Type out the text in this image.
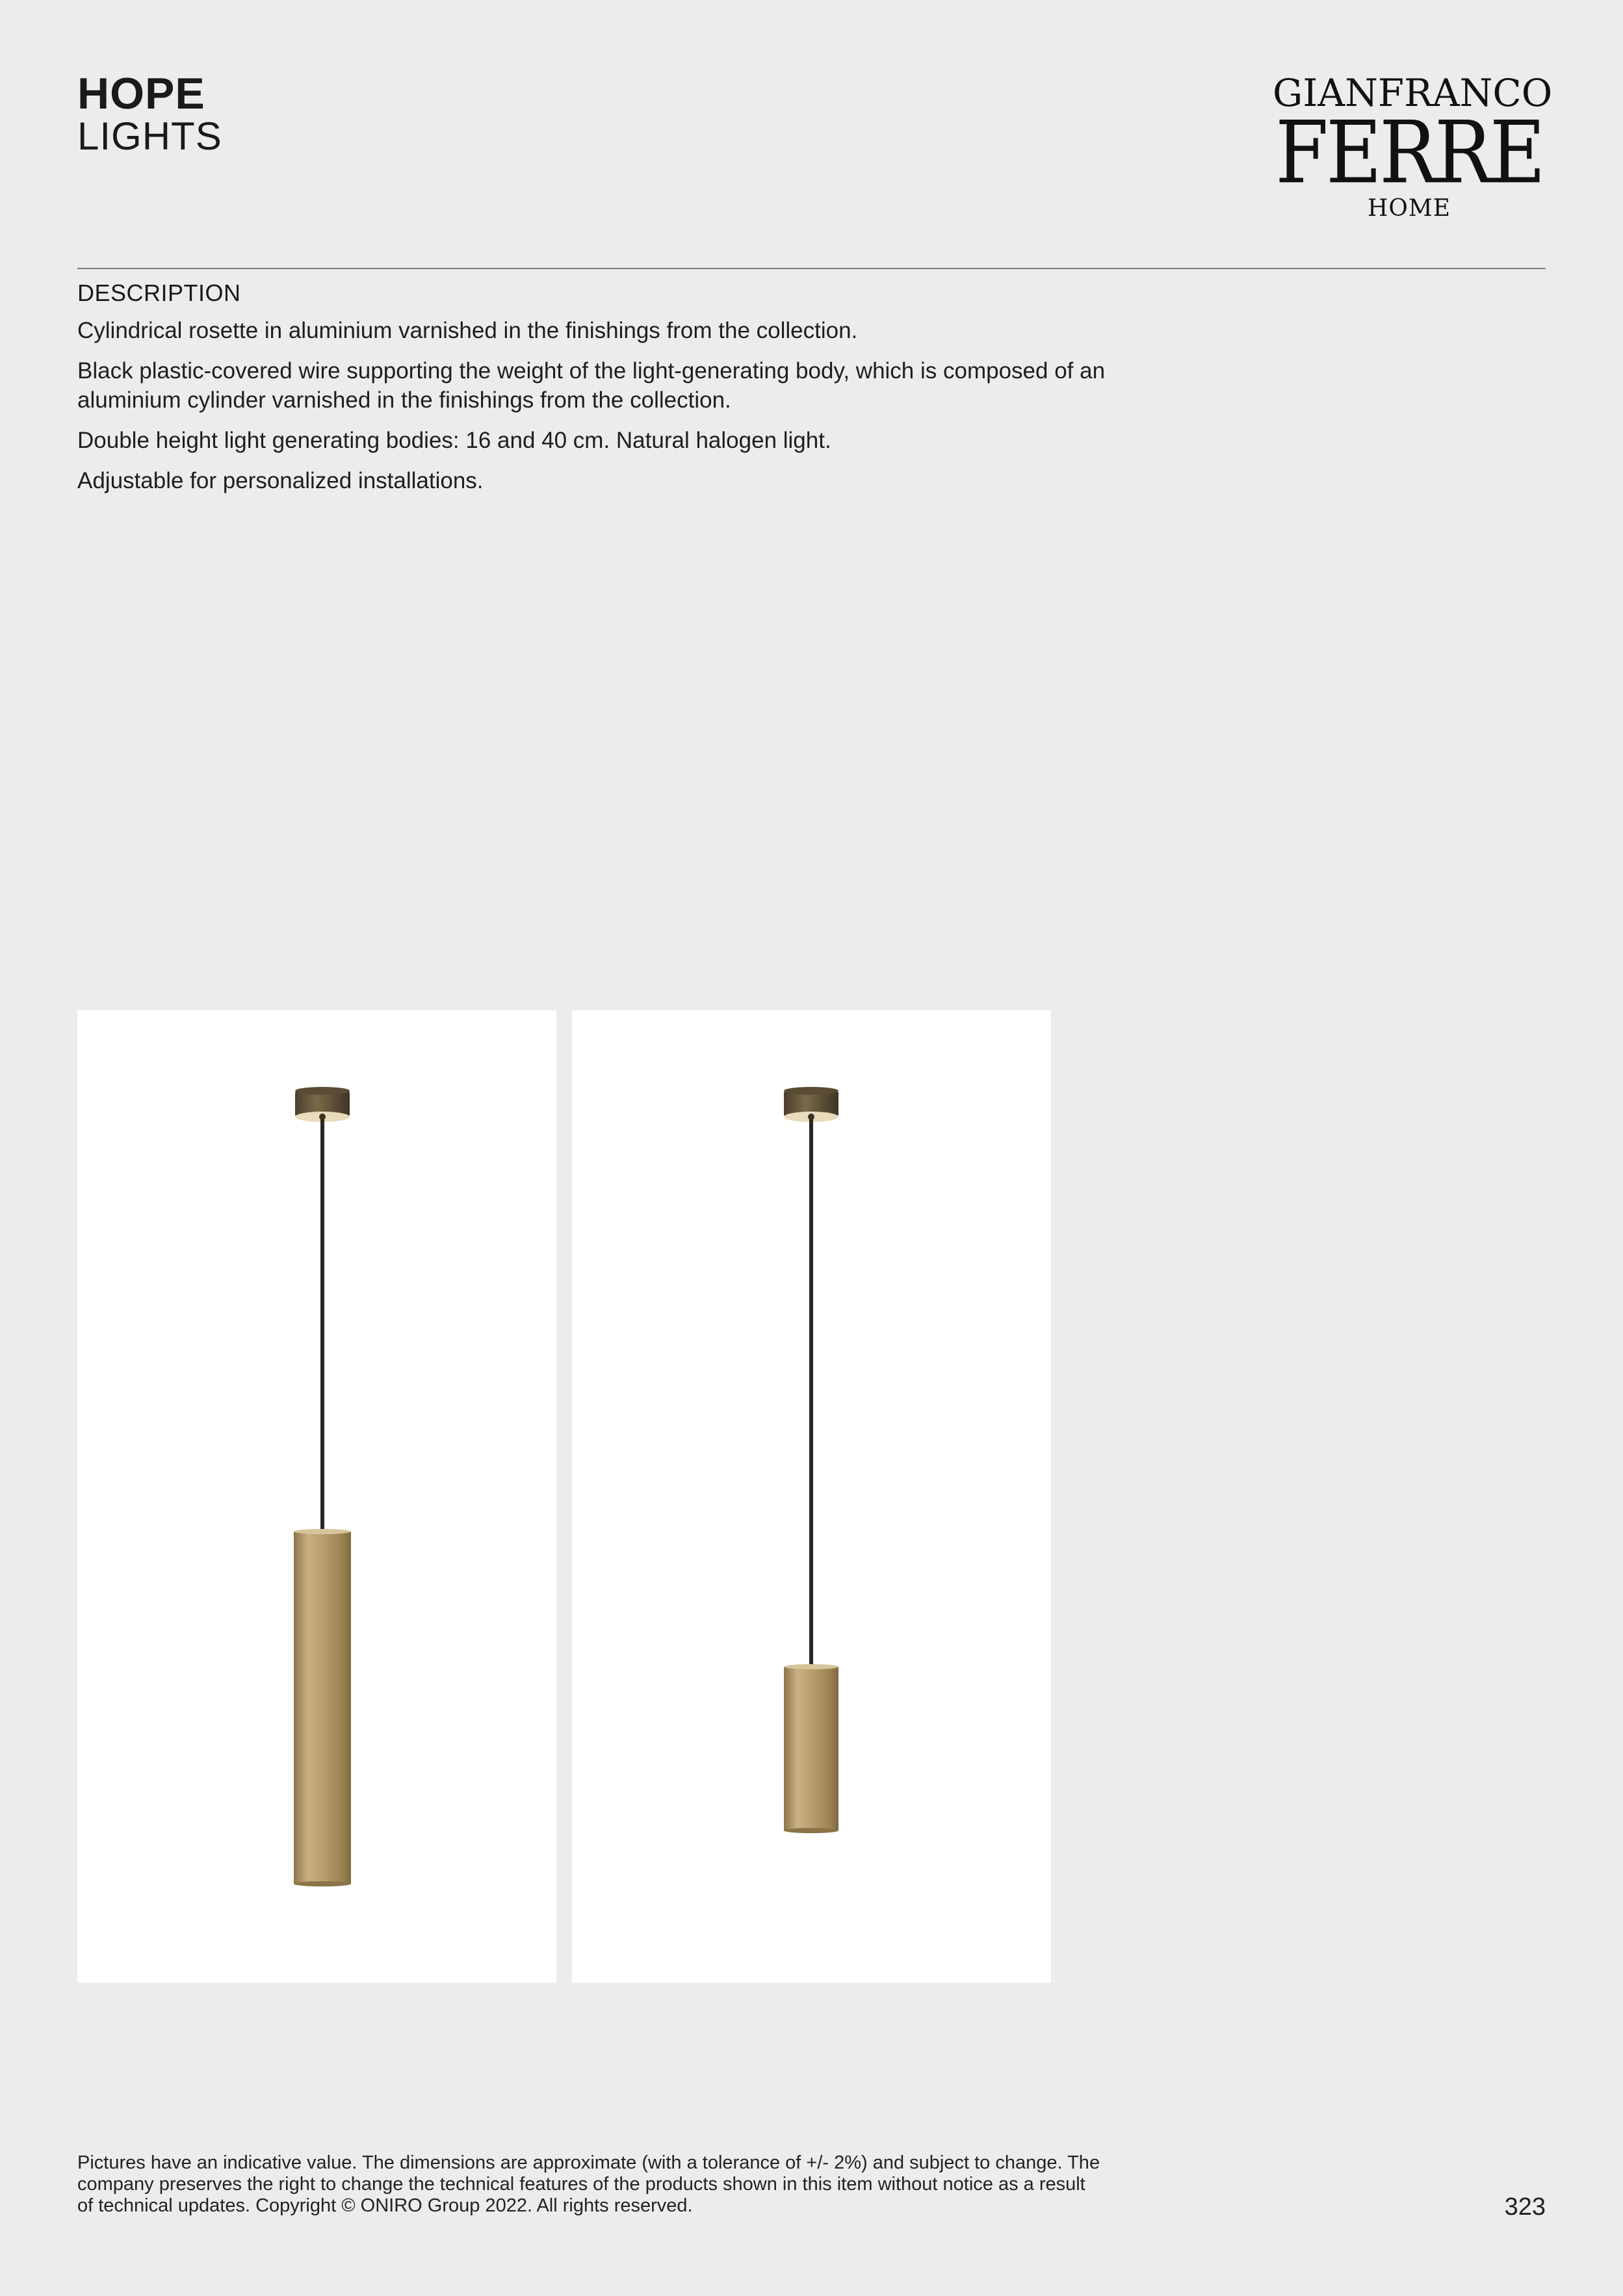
HOPE
LIGHTS
GIANFRANCO
FERRE
HOME
DESCRIPTION

Cylindrical rosette in aluminium varnished in the finishings from the collection.

Black plastic-covered wire supporting the weight of the light-generating body, which is composed of an aluminium cylinder varnished in the finishings from the collection.

Double height light generating bodies: 16 and 40 cm. Natural halogen light.

Adjustable for personalized installations.

Pictures have an indicative value. The dimensions are approximate (with a tolerance of +/- 2%) and subject to change. The company preserves the right to change the technical features of the products shown in this item without notice as a result of technical updates. Copyright © ONIRO Group 2022. All rights reserved.	323
